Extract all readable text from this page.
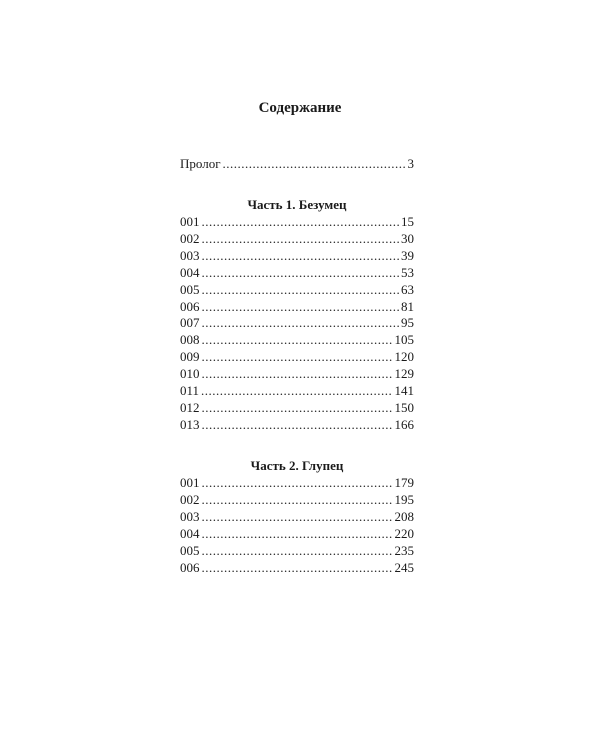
Содержание
Пролог .....	3
Часть 1. Безумец
001 .....	15
002 .....	30
003 .....	39
004 .....	53
005 .....	63
006 .....	81
007 .....	95
008 .....	105
009 .....	120
010 .....	129
011 .....	141
012 .....	150
013 .....	166
Часть 2. Глупец
001 .....	179
002 .....	195
003 .....	208
004 .....	220
005 .....	235
006 .....	245
